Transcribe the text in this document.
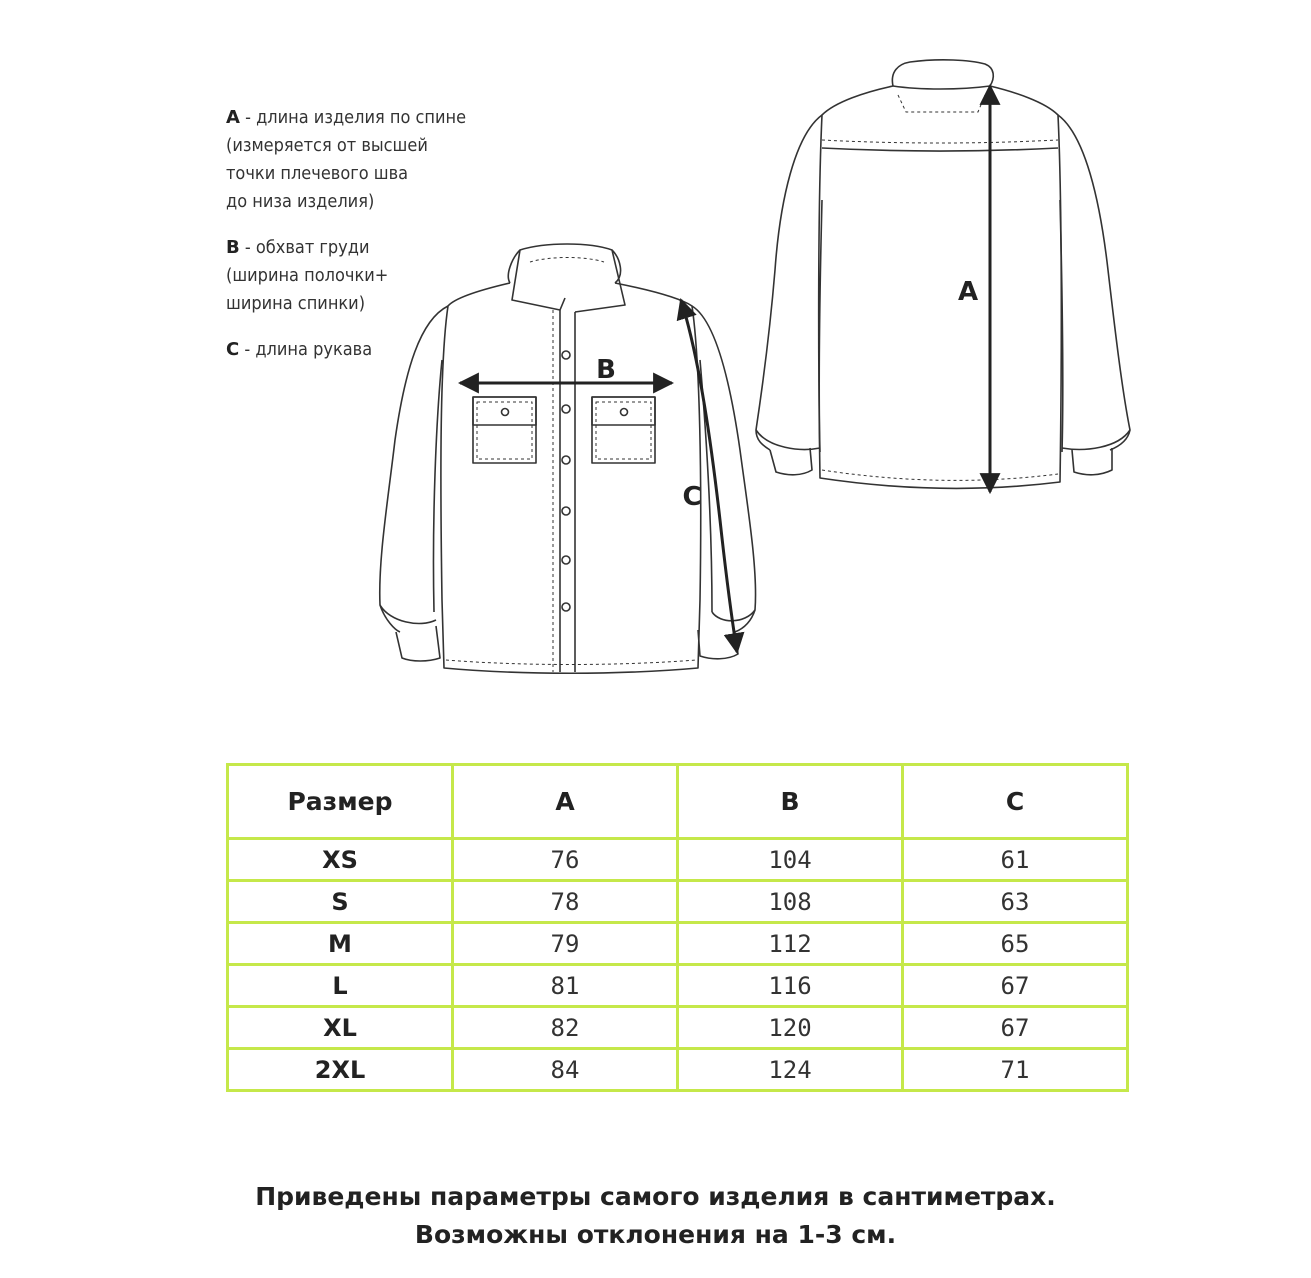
A - длина изделия по спине
(измеряется от высшей
точки плечевого шва
до низа изделия)
B - обхват груди
(ширина полочки+
ширина спинки)
C - длина рукава
B
C
A
Размер	A	B	C
XS	76	104	61
S	78	108	63
M	79	112	65
L	81	116	67
XL	82	120	67
2XL	84	124	71
Приведены параметры самого изделия в сантиметрах.
Возможны отклонения на 1-3 см.
